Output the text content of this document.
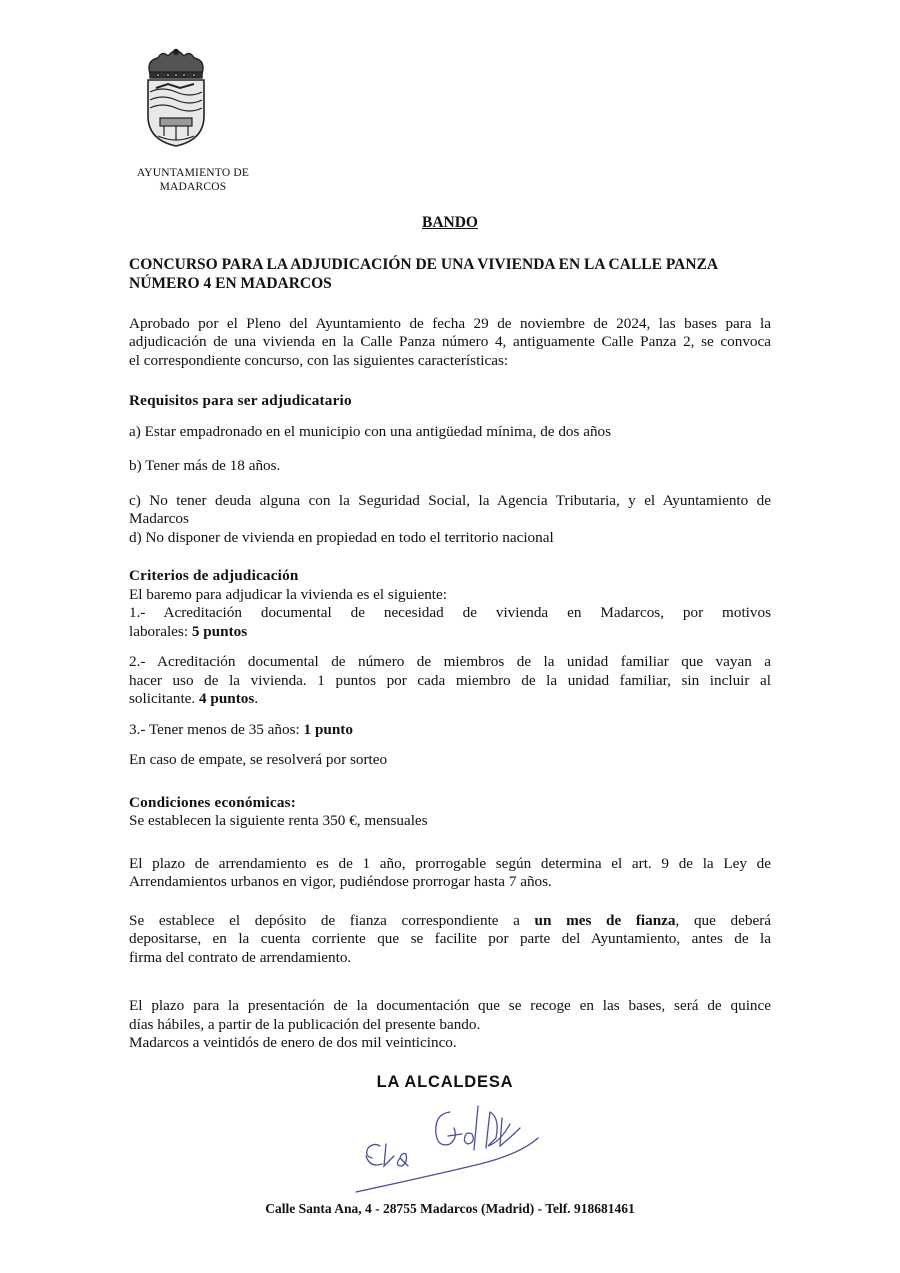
AYUNTAMIENTO DE
MADARCOS

BANDO

CONCURSO PARA LA ADJUDICACIÓN DE UNA VIVIENDA EN LA CALLE PANZA
NÚMERO 4 EN MADARCOS
Aprobado por el Pleno del Ayuntamiento de fecha 29 de noviembre de 2024, las bases para la
adjudicación de una vivienda en la Calle Panza número 4, antiguamente Calle Panza 2, se convoca
el correspondiente concurso, con las siguientes características:

Requisitos para ser adjudicatario

a) Estar empadronado en el municipio con una antigüedad mínima, de dos años

b) Tener más de 18 años.

c) No tener deuda alguna con la Seguridad Social, la Agencia Tributaria, y el Ayuntamiento de
Madarcos

d) No disponer de vivienda en propiedad en todo el territorio nacional

Criterios de adjudicación

El baremo para adjudicar la vivienda es el siguiente:

1.- Acreditación documental de necesidad de vivienda en Madarcos, por motivos
laborales: 5 puntos
2.- Acreditación documental de número de miembros de la unidad familiar que vayan a
hacer uso de la vivienda. 1 puntos por cada miembro de la unidad familiar, sin incluir al
solicitante. 4 puntos.

3.- Tener menos de 35 años: 1 punto

En caso de empate, se resolverá por sorteo

Condiciones económicas:

Se establecen la siguiente renta 350 €, mensuales

El plazo de arrendamiento es de 1 año, prorrogable según determina el art. 9 de la Ley de
Arrendamientos urbanos en vigor, pudiéndose prorrogar hasta 7 años.
Se establece el depósito de fianza correspondiente a un mes de fianza, que deberá
depositarse, en la cuenta corriente que se facilite por parte del Ayuntamiento, antes de la
firma del contrato de arrendamiento.
El plazo para la presentación de la documentación que se recoge en las bases, será de quince
días hábiles, a partir de la publicación del presente bando.

Madarcos a veintidós de enero de dos mil veinticinco.

LA ALCALDESA
Calle Santa Ana, 4 - 28755 Madarcos (Madrid) - Telf. 918681461
